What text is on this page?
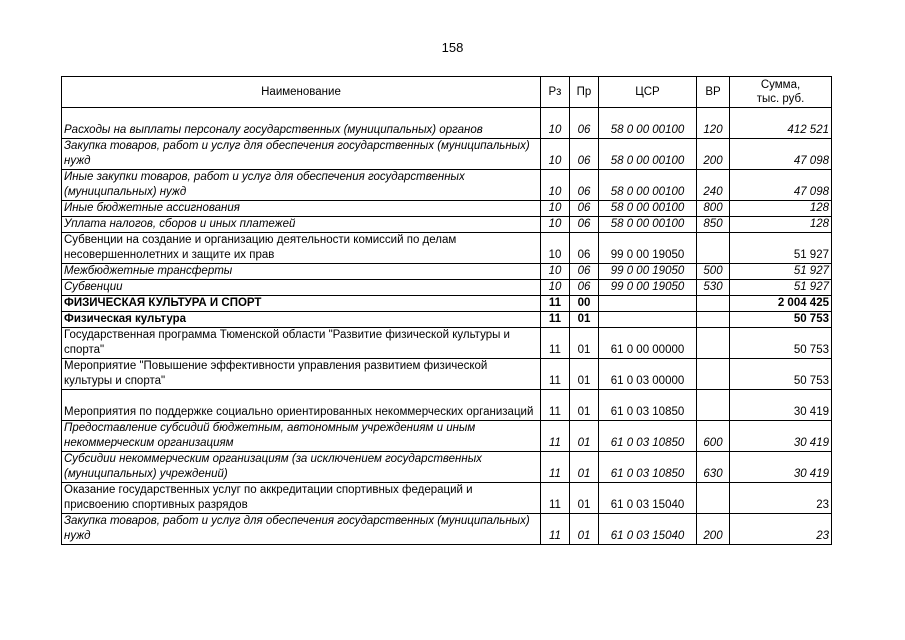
158
Наименование	Рз	Пр	ЦСР	ВР	Сумма,
тыс. руб.
Расходы на выплаты персоналу государственных (муниципальных) органов	10	06	58 0 00 00100	120	412 521
Закупка товаров, работ и услуг для обеспечения государственных (муниципальных) нужд	10	06	58 0 00 00100	200	47 098
Иные закупки товаров, работ и услуг для обеспечения государственных (муниципальных) нужд	10	06	58 0 00 00100	240	47 098
Иные бюджетные ассигнования	10	06	58 0 00 00100	800	128
Уплата налогов, сборов и иных платежей	10	06	58 0 00 00100	850	128
Субвенции на создание и организацию деятельности комиссий по делам несовершеннолетних и защите их прав	10	06	99 0 00 19050		51 927
Межбюджетные трансферты	10	06	99 0 00 19050	500	51 927
Субвенции	10	06	99 0 00 19050	530	51 927
ФИЗИЧЕСКАЯ КУЛЬТУРА И СПОРТ	11	00			2 004 425
Физическая культура	11	01			50 753
Государственная программа Тюменской области "Развитие физической культуры и спорта"	11	01	61 0 00 00000		50 753
Мероприятие "Повышение эффективности управления развитием физической культуры и спорта"	11	01	61 0 03 00000		50 753
Мероприятия по поддержке социально ориентированных некоммерческих организаций	11	01	61 0 03 10850		30 419
Предоставление субсидий бюджетным, автономным учреждениям и иным некоммерческим организациям	11	01	61 0 03 10850	600	30 419
Субсидии некоммерческим организациям (за исключением государственных (муниципальных) учреждений)	11	01	61 0 03 10850	630	30 419
Оказание государственных услуг по аккредитации спортивных федераций и присвоению спортивных разрядов	11	01	61 0 03 15040		23
Закупка товаров, работ и услуг для обеспечения государственных (муниципальных) нужд	11	01	61 0 03 15040	200	23
